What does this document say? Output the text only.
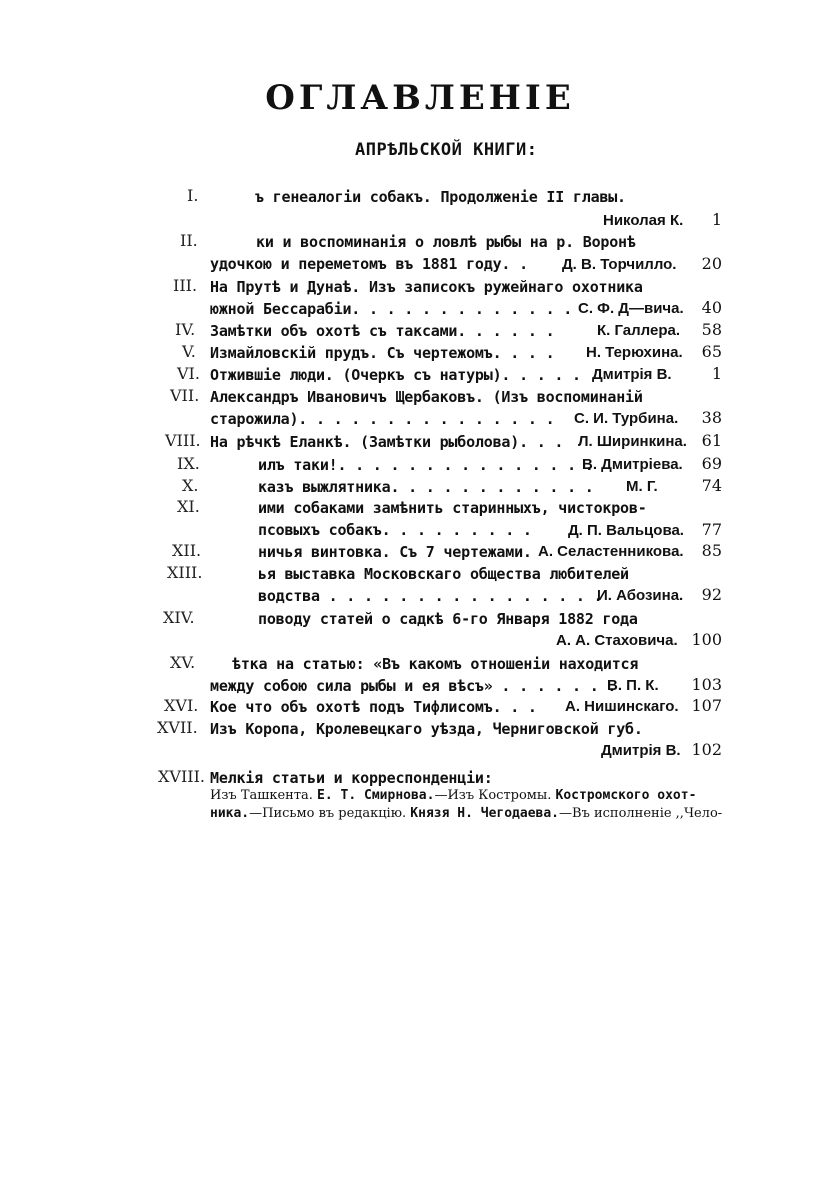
ОГЛАВЛЕНІЕ
АПРѢЛЬСКОЙ КНИГИ:
I.	ъ генеалогіи собакъ. Продолженіе II главы.
Николая К.	1
II.	ки и воспоминанія о ловлѣ рыбы на р. Воронѣ
удочкою и переметомъ въ 1881 году. . Д. В. Торчилло.	20
III. На Прутѣ и Дунаѣ. Изъ записокъ ружейнаго охотника
южной Бессарабіи. . . . . . . . . . . . . С. Ф. Д—вича.	40
IV. Замѣтки объ охотѣ съ таксами. . . . . .	К. Галлера.	58
V. Измайловскій прудъ. Съ чертежомъ. . . . Н. Терюхина.	65
VI. Отжившіе люди. (Очеркъ съ натуры). . . . . Дмитрія В.	1
VII. Александръ Ивановичъ Щербаковъ. (Изъ воспоминаній
старожила). . . . . . . . . . . . . . . С. И. Турбина.	38
VIII. На рѣчкѣ Еланкѣ. (Замѣтки рыболова). . . Л. Ширинкина. 61
IX.	илъ таки!. . . . . . . . . . . . . . .
В. Дмитріева.	69
X.	казъ выжлятника. . . . . . . . . . . . М. Г.	74
XI.	ими собаками замѣнить старинныхъ, чистокров-
псовыхъ собакъ. . . . . . . . . Д. П. Вальцова.	77
XII.	ничья винтовка. Съ 7 чертежами. А. Селастенникова.	85
XIII.	ья выставка Московскаго общества любителей
водства . . . . . . . . . . . . . . . .
И. Абозина.	92
XIV.	поводу статей о садкѣ 6-го Января 1882 года
А. А. Стаховича. 100
XV. ѣтка на статью: «Въ какомъ отношеніи находится
между собою сила рыбы и ея вѣсъ» . . . . . . .
В. П. К.	103
XVI. Кое что объ охотѣ подъ Тифлисомъ. . . А. Нишинскаго. 107
XVII. Изъ Коропа, Кролевецкаго уѣзда, Черниговской губ.
Дмитрія В. 102
XVIII. Мелкія статьи и корреспонденціи:
Изъ Ташкента. Е. Т. Смирнова.—Изъ Костромы. Костромского охот-
ника.—Письмо въ редакцію. Князя Н. Чегодаева.—Въ исполненіе ,,Чело-
